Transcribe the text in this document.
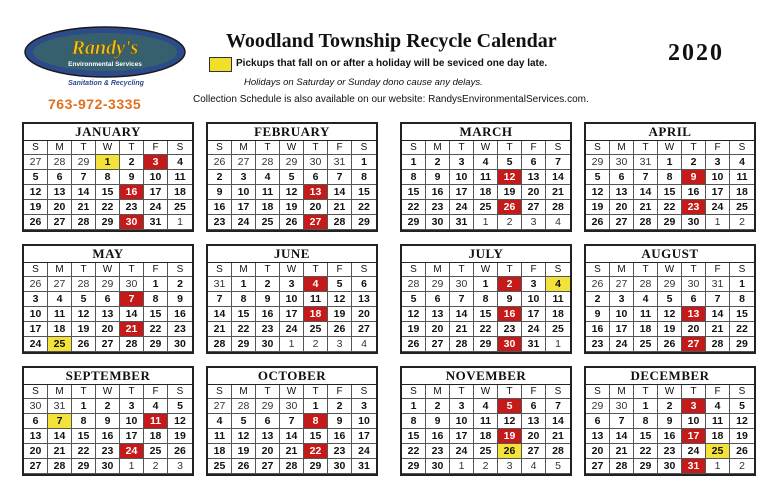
Randy's
Environmental Services
Sanitation & Recycling
763-972-3335
Woodland Township Recycle Calendar	2020
Pickups that fall on or after a holiday will be seviced one day late.
Holidays on Saturday or Sunday dono cause any delays.
Collection Schedule is also available on our website: RandysEnvironmentalServices.com.
JANUARY
S	M	T	W	T	F	S
27	28	29	1	2	3	4
5	6	7	8	9	10	11
12	13	14	15	16	17	18
19	20	21	22	23	24	25
26	27	28	29	30	31	1
FEBRUARY
S	M	T	W	T	F	S
26	27	28	29	30	31	1
2	3	4	5	6	7	8
9	10	11	12	13	14	15
16	17	18	19	20	21	22
23	24	25	26	27	28	29
MARCH
S	M	T	W	T	F	S
1	2	3	4	5	6	7
8	9	10	11	12	13	14
15	16	17	18	19	20	21
22	23	24	25	26	27	28
29	30	31	1	2	3	4
APRIL
S	M	T	W	T	F	S
29	30	31	1	2	3	4
5	6	7	8	9	10	11
12	13	14	15	16	17	18
19	20	21	22	23	24	25
26	27	28	29	30	1	2
MAY
S	M	T	W	T	F	S
26	27	28	29	30	1	2
3	4	5	6	7	8	9
10	11	12	13	14	15	16
17	18	19	20	21	22	23
24	25	26	27	28	29	30
JUNE
S	M	T	W	T	F	S
31	1	2	3	4	5	6
7	8	9	10	11	12	13
14	15	16	17	18	19	20
21	22	23	24	25	26	27
28	29	30	1	2	3	4
JULY
S	M	T	W	T	F	S
28	29	30	1	2	3	4
5	6	7	8	9	10	11
12	13	14	15	16	17	18
19	20	21	22	23	24	25
26	27	28	29	30	31	1
AUGUST
S	M	T	W	T	F	S
26	27	28	29	30	31	1
2	3	4	5	6	7	8
9	10	11	12	13	14	15
16	17	18	19	20	21	22
23	24	25	26	27	28	29
SEPTEMBER
S	M	T	W	T	F	S
30	31	1	2	3	4	5
6	7	8	9	10	11	12
13	14	15	16	17	18	19
20	21	22	23	24	25	26
27	28	29	30	1	2	3
OCTOBER
S	M	T	W	T	F	S
27	28	29	30	1	2	3
4	5	6	7	8	9	10
11	12	13	14	15	16	17
18	19	20	21	22	23	24
25	26	27	28	29	30	31
NOVEMBER
S	M	T	W	T	F	S
1	2	3	4	5	6	7
8	9	10	11	12	13	14
15	16	17	18	19	20	21
22	23	24	25	26	27	28
29	30	1	2	3	4	5
DECEMBER
S	M	T	W	T	F	S
29	30	1	2	3	4	5
6	7	8	9	10	11	12
13	14	15	16	17	18	19
20	21	22	23	24	25	26
27	28	29	30	31	1	2
